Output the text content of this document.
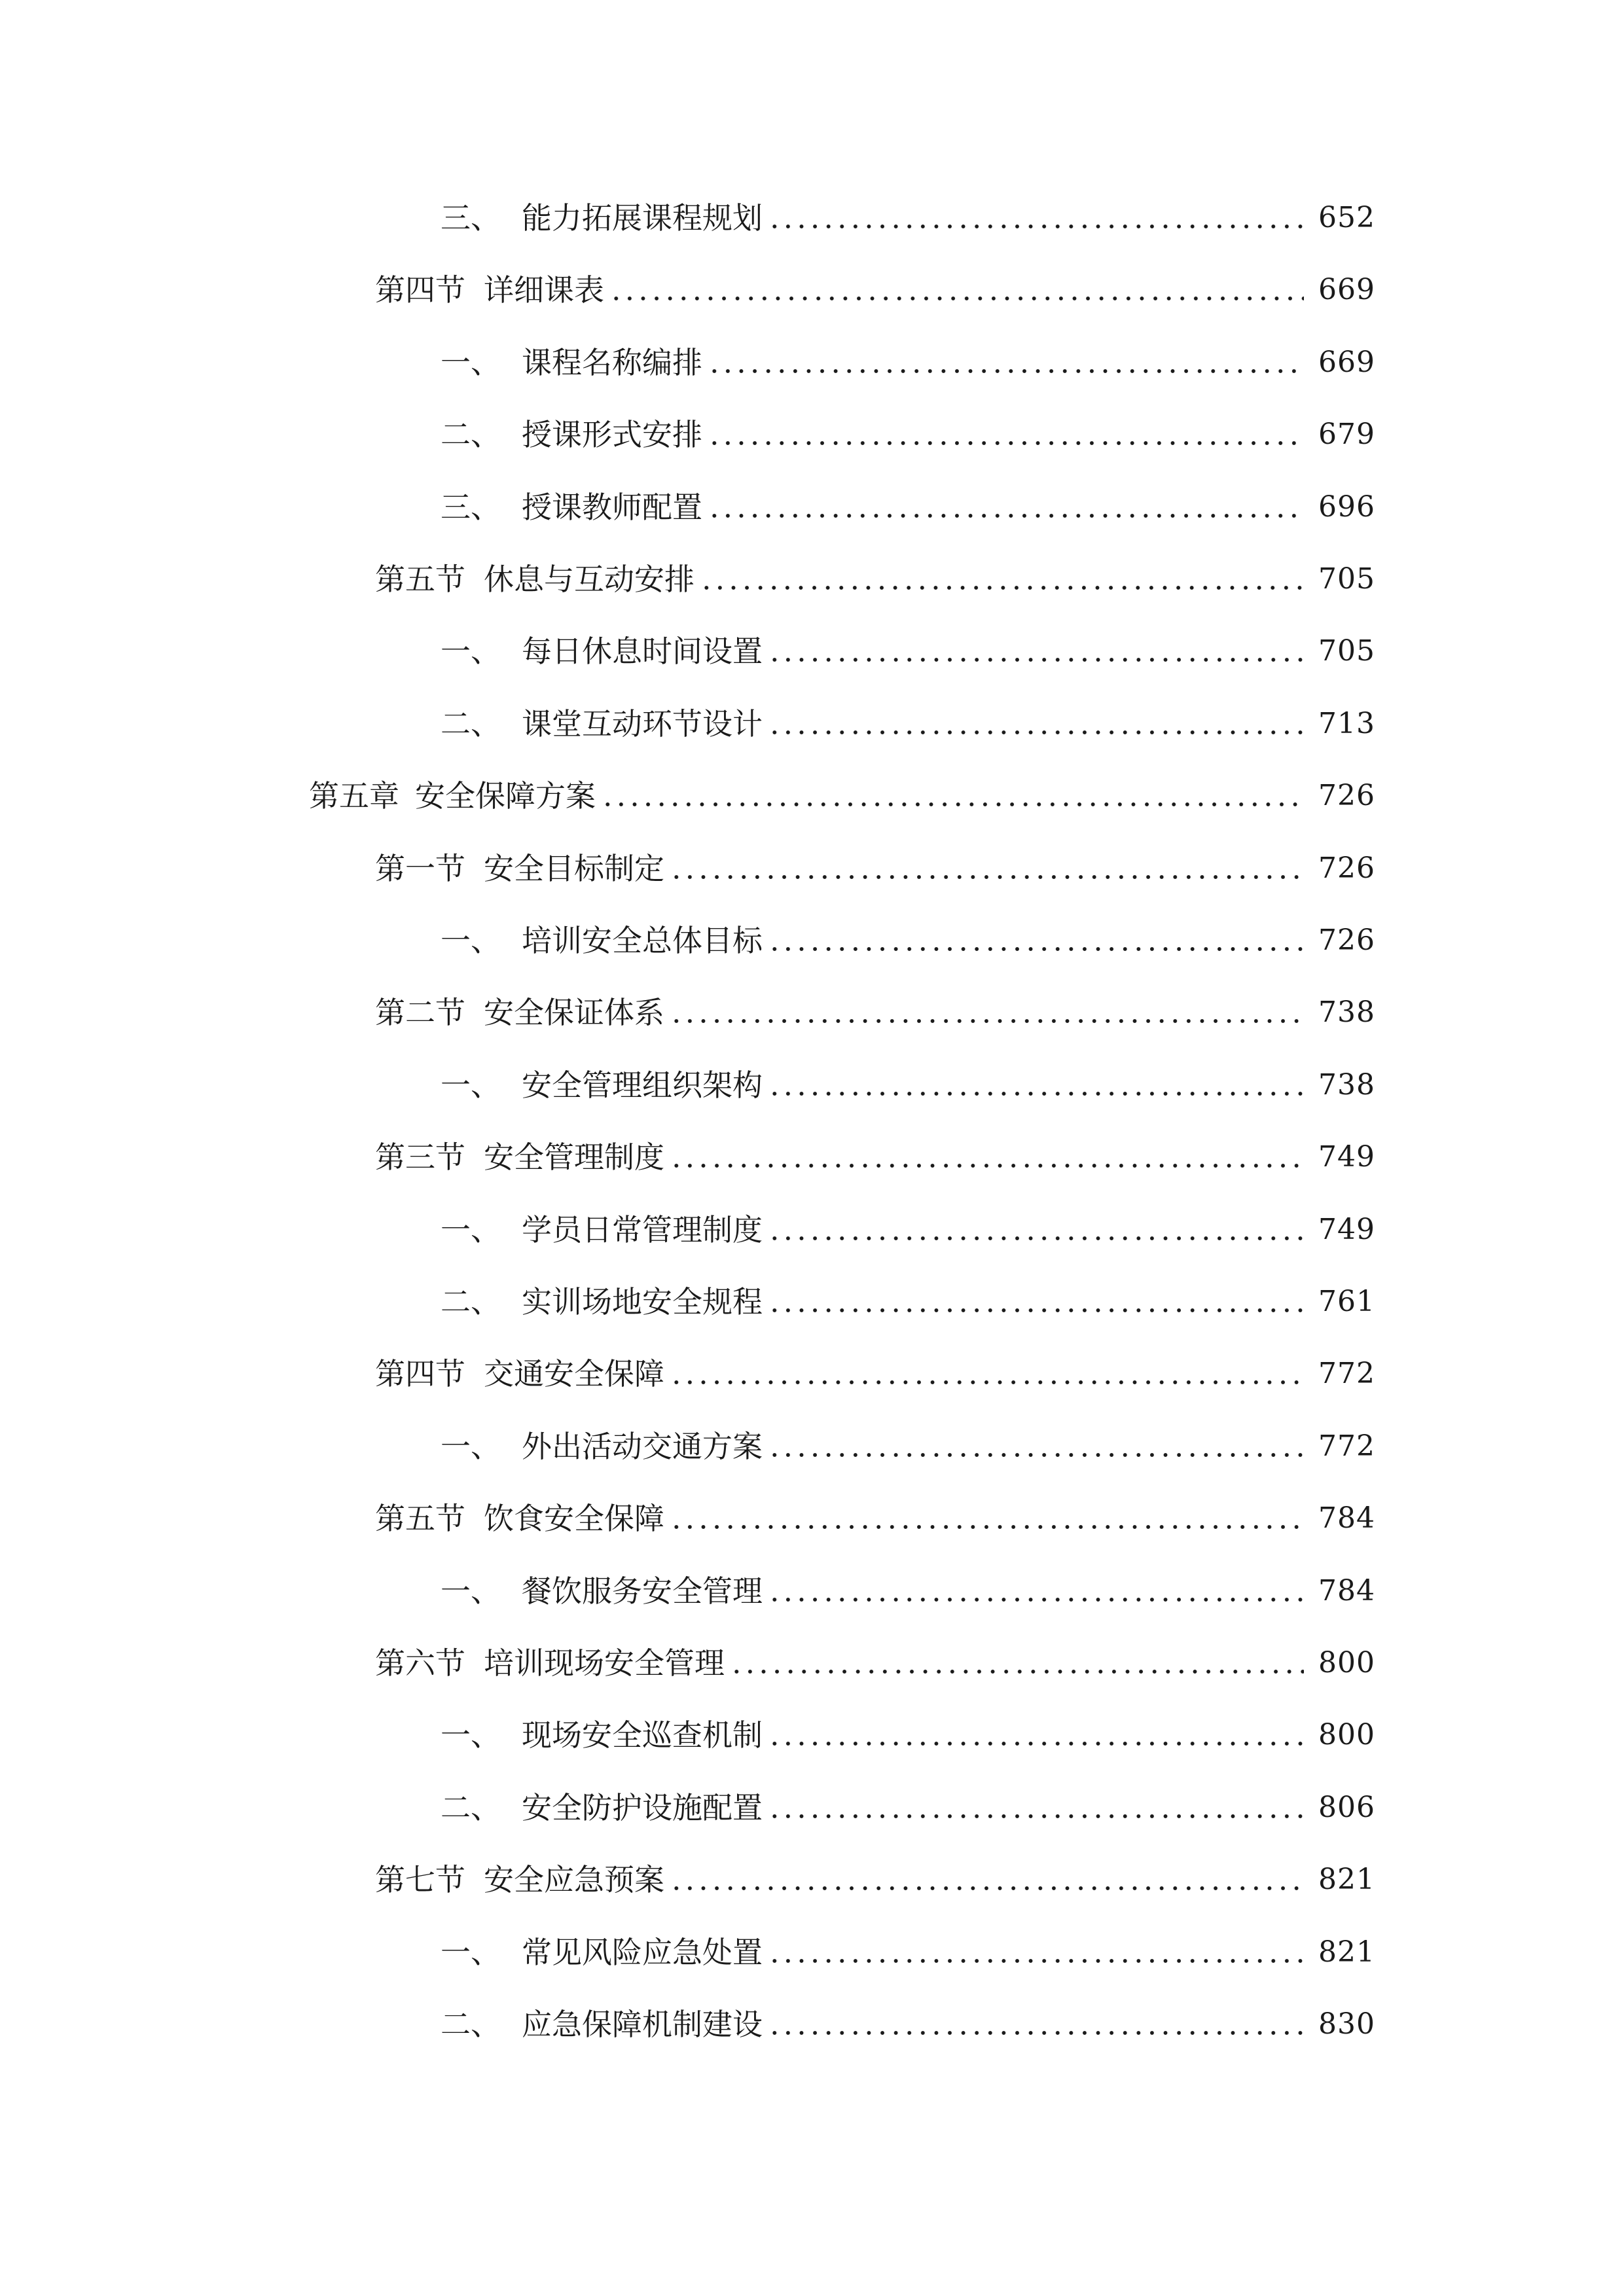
三、 能力拓展课程规划	652
第四节 详细课表	669
一、 课程名称编排	669
二、 授课形式安排	679
三、 授课教师配置	696
第五节 休息与互动安排	705
一、 每日休息时间设置	705
二、 课堂互动环节设计	713
第五章 安全保障方案	726
第一节 安全目标制定	726
一、 培训安全总体目标	726
第二节 安全保证体系	738
一、 安全管理组织架构	738
第三节 安全管理制度	749
一、 学员日常管理制度	749
二、 实训场地安全规程	761
第四节 交通安全保障	772
一、 外出活动交通方案	772
第五节 饮食安全保障	784
一、 餐饮服务安全管理	784
第六节 培训现场安全管理	800
一、 现场安全巡查机制	800
二、 安全防护设施配置	806
第七节 安全应急预案	821
一、 常见风险应急处置	821
二、 应急保障机制建设	830
